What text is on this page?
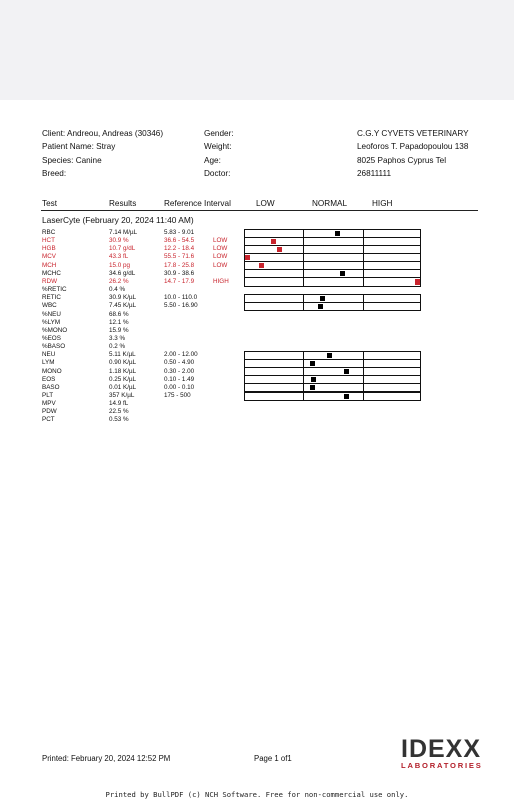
Client: Andreou, Andreas (30346)
Patient Name: Stray
Species: Canine
Breed:
Gender:
Weight:
Age:
Doctor:
C.G.Y CYVETS VETERINARY
Leoforos T. Papadopoulou 138
8025 Paphos Cyprus Tel
26811111
Test	Results	Reference Interval	LOW	NORMAL	HIGH
LaserCyte (February 20, 2024 11:40 AM)
RBC	7.14 M/µL	5.83 - 9.01
HCT	30.9 %	36.6 - 54.5	LOW
HGB	10.7 g/dL	12.2 - 18.4	LOW
MCV	43.3 fL	55.5 - 71.6	LOW
MCH	15.0 pg	17.8 - 25.8	LOW
MCHC	34.6 g/dL	30.9 - 38.6
RDW	26.2 %	14.7 - 17.9	HIGH
%RETIC	0.4 %
RETIC	30.9 K/µL	10.0 - 110.0
WBC	7.45 K/µL	5.50 - 16.90
%NEU	68.6 %
%LYM	12.1 %
%MONO	15.9 %
%EOS	3.3 %
%BASO	0.2 %
NEU	5.11 K/µL	2.00 - 12.00
LYM	0.90 K/µL	0.50 - 4.90
MONO	1.18 K/µL	0.30 - 2.00
EOS	0.25 K/µL	0.10 - 1.49
BASO	0.01 K/µL	0.00 - 0.10
PLT	357 K/µL	175 - 500
MPV	14.9 fL
PDW	22.5 %
PCT	0.53 %
Printed: February 20, 2024 12:52 PM	Page 1 of1	IDEXX
LABORATORIES
Printed by BullPDF (c) NCH Software. Free for non-commercial use only.
